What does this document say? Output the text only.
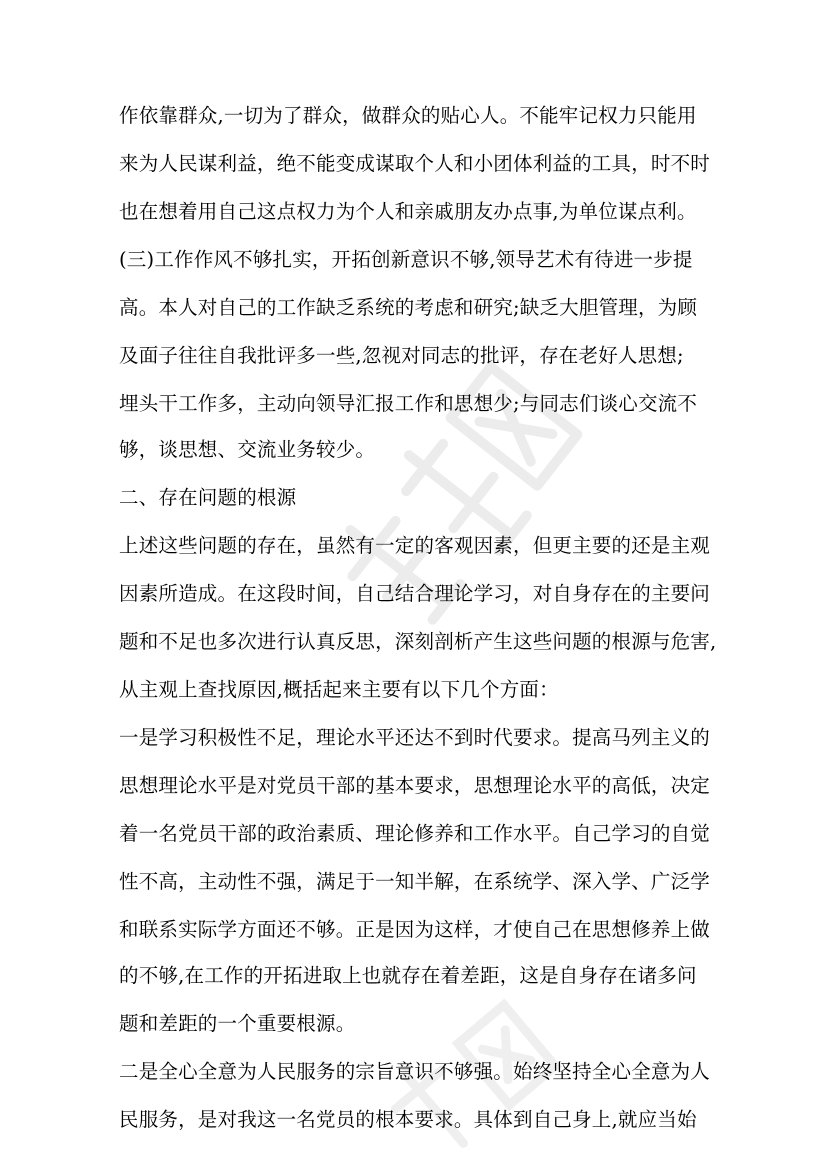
作依靠群众,一切为了群众，做群众的贴心人。不能牢记权力只能用
来为人民谋利益，绝不能变成谋取个人和小团体利益的工具，时不时
也在想着用自己这点权力为个人和亲戚朋友办点事,为单位谋点利。
(三)工作作风不够扎实，开拓创新意识不够,领导艺术有待进一步提
高。本人对自己的工作缺乏系统的考虑和研究;缺乏大胆管理，为顾
及面子往往自我批评多一些,忽视对同志的批评，存在老好人思想;
埋头干工作多，主动向领导汇报工作和思想少;与同志们谈心交流不
够，谈思想、交流业务较少。
二、存在问题的根源
上述这些问题的存在，虽然有一定的客观因素，但更主要的还是主观
因素所造成。在这段时间，自己结合理论学习，对自身存在的主要问
题和不足也多次进行认真反思，深刻剖析产生这些问题的根源与危害,
从主观上查找原因,概括起来主要有以下几个方面：
一是学习积极性不足，理论水平还达不到时代要求。提高马列主义的
思想理论水平是对党员干部的基本要求，思想理论水平的高低，决定
着一名党员干部的政治素质、理论修养和工作水平。自己学习的自觉
性不高，主动性不强，满足于一知半解，在系统学、深入学、广泛学
和联系实际学方面还不够。正是因为这样，才使自己在思想修养上做
的不够,在工作的开拓进取上也就存在着差距，这是自身存在诸多问
题和差距的一个重要根源。
二是全心全意为人民服务的宗旨意识不够强。始终坚持全心全意为人
民服务，是对我这一名党员的根本要求。具体到自己身上,就应当始
